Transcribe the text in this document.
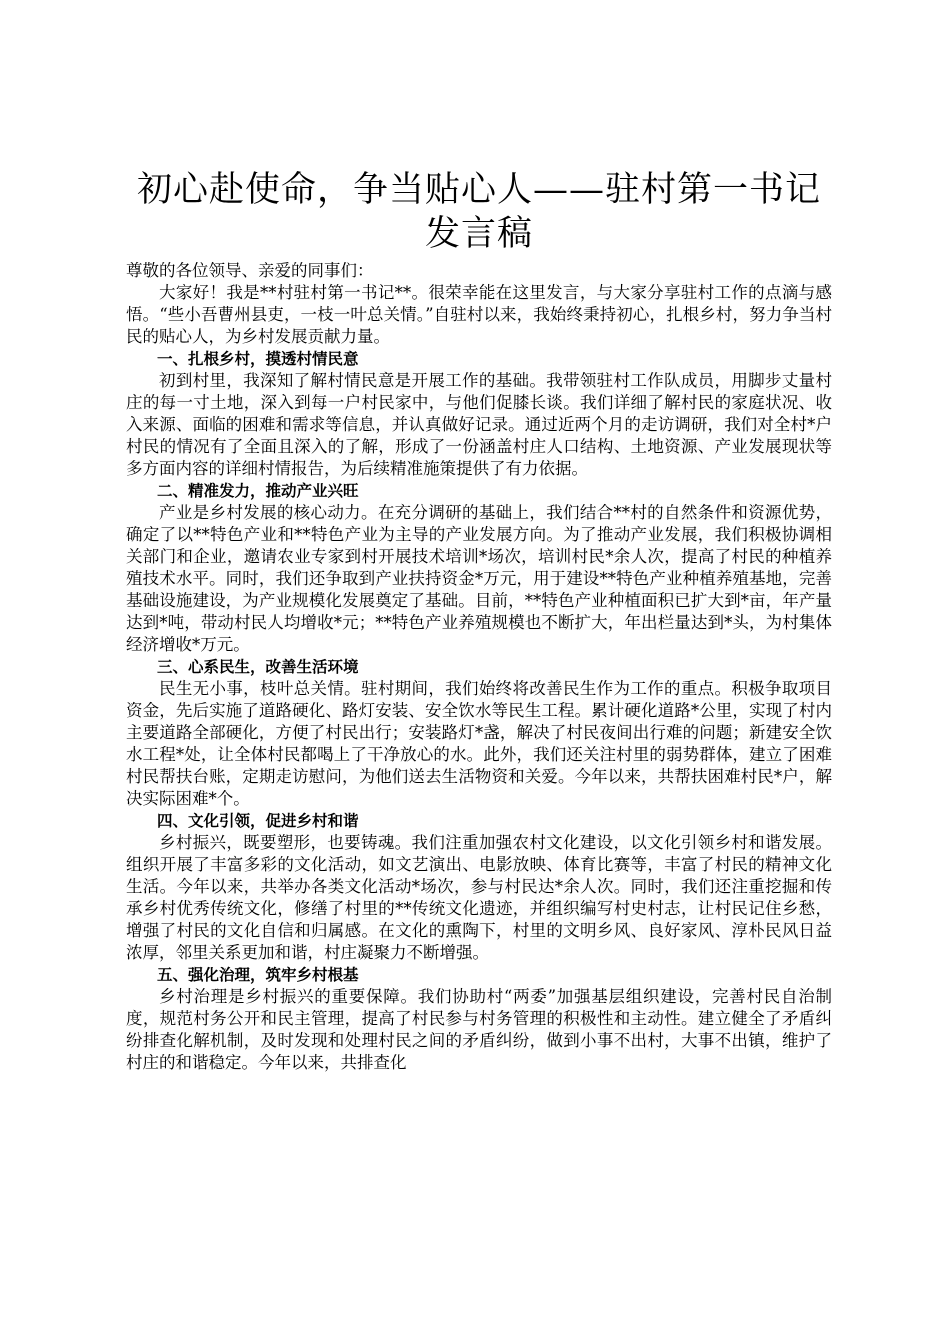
初心赴使命，争当贴心人——驻村第一书记发言稿

尊敬的各位领导、亲爱的同事们：

大家好！我是**村驻村第一书记**。很荣幸能在这里发言，与大家分享驻村工作的点滴与感悟。“些小吾曹州县吏，一枝一叶总关情。”自驻村以来，我始终秉持初心，扎根乡村，努力争当村民的贴心人，为乡村发展贡献力量。

一、扎根乡村，摸透村情民意

初到村里，我深知了解村情民意是开展工作的基础。我带领驻村工作队成员，用脚步丈量村庄的每一寸土地，深入到每一户村民家中，与他们促膝长谈。我们详细了解村民的家庭状况、收入来源、面临的困难和需求等信息，并认真做好记录。通过近两个月的走访调研，我们对全村*户村民的情况有了全面且深入的了解，形成了一份涵盖村庄人口结构、土地资源、产业发展现状等多方面内容的详细村情报告，为后续精准施策提供了有力依据。

二、精准发力，推动产业兴旺

产业是乡村发展的核心动力。在充分调研的基础上，我们结合**村的自然条件和资源优势，确定了以**特色产业和**特色产业为主导的产业发展方向。为了推动产业发展，我们积极协调相关部门和企业，邀请农业专家到村开展技术培训*场次，培训村民*余人次，提高了村民的种植养殖技术水平。同时，我们还争取到产业扶持资金*万元，用于建设**特色产业种植养殖基地，完善基础设施建设，为产业规模化发展奠定了基础。目前，**特色产业种植面积已扩大到*亩，年产量达到*吨，带动村民人均增收*元；**特色产业养殖规模也不断扩大，年出栏量达到*头，为村集体经济增收*万元。

三、心系民生，改善生活环境

民生无小事，枝叶总关情。驻村期间，我们始终将改善民生作为工作的重点。积极争取项目资金，先后实施了道路硬化、路灯安装、安全饮水等民生工程。累计硬化道路*公里，实现了村内主要道路全部硬化，方便了村民出行；安装路灯*盏，解决了村民夜间出行难的问题；新建安全饮水工程*处，让全体村民都喝上了干净放心的水。此外，我们还关注村里的弱势群体，建立了困难村民帮扶台账，定期走访慰问，为他们送去生活物资和关爱。今年以来，共帮扶困难村民*户，解决实际困难*个。

四、文化引领，促进乡村和谐

乡村振兴，既要塑形，也要铸魂。我们注重加强农村文化建设，以文化引领乡村和谐发展。组织开展了丰富多彩的文化活动，如文艺演出、电影放映、体育比赛等，丰富了村民的精神文化生活。今年以来，共举办各类文化活动*场次，参与村民达*余人次。同时，我们还注重挖掘和传承乡村优秀传统文化，修缮了村里的**传统文化遗迹，并组织编写村史村志，让村民记住乡愁，增强了村民的文化自信和归属感。在文化的熏陶下，村里的文明乡风、良好家风、淳朴民风日益浓厚，邻里关系更加和谐，村庄凝聚力不断增强。

五、强化治理，筑牢乡村根基

乡村治理是乡村振兴的重要保障。我们协助村“两委”加强基层组织建设，完善村民自治制度，规范村务公开和民主管理，提高了村民参与村务管理的积极性和主动性。建立健全了矛盾纠纷排查化解机制，及时发现和处理村民之间的矛盾纠纷，做到小事不出村，大事不出镇，维护了村庄的和谐稳定。今年以来，共排查化
